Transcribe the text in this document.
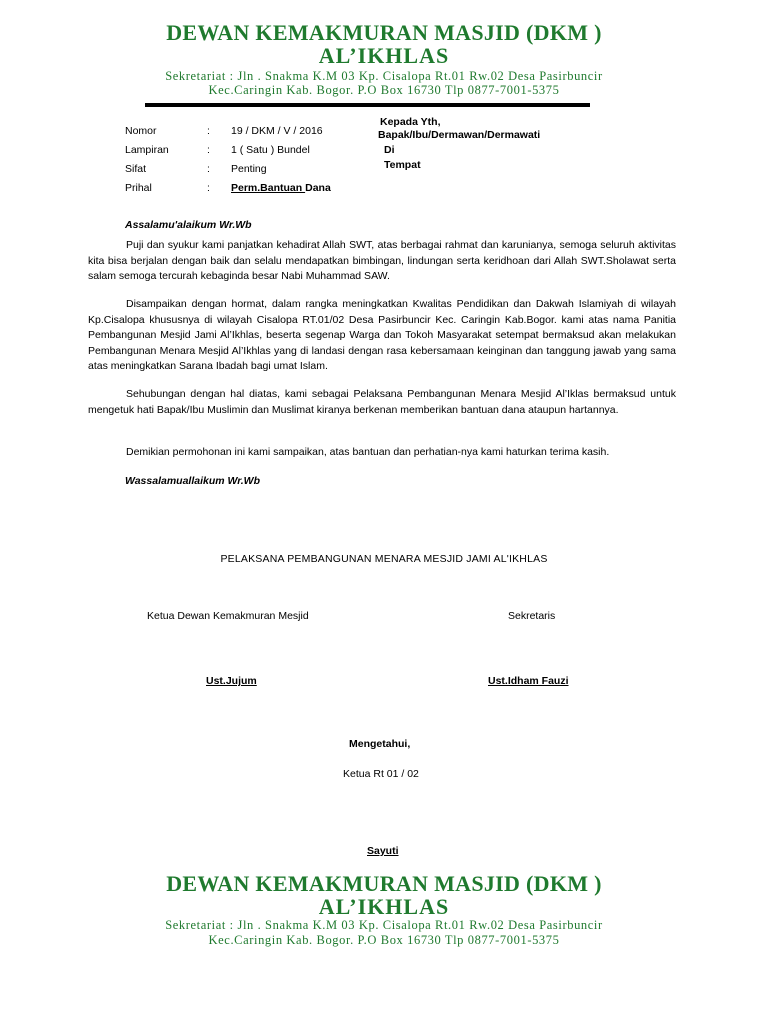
DEWAN KEMAKMURAN MASJID (DKM )
AL’IKHLAS
Sekretariat : Jln . Snakma K.M 03 Kp. Cisalopa Rt.01 Rw.02 Desa Pasirbuncir
Kec.Caringin Kab. Bogor. P.O Box 16730 Tlp 0877-7001-5375
Nomor	: 19 / DKM / V / 2016
Lampiran	: 1 ( Satu ) Bundel
Sifat	: Penting
Prihal	: Perm.Bantuan Dana
Kepada Yth,
Bapak/Ibu/Dermawan/Dermawati
Di
Tempat
Assalamu'alaikum Wr.Wb

Puji dan syukur kami panjatkan kehadirat Allah SWT, atas berbagai rahmat dan karunianya, semoga seluruh aktivitas kita bisa berjalan dengan baik dan selalu mendapatkan bimbingan, lindungan serta keridhoan dari Allah SWT.Sholawat serta salam semoga tercurah kebaginda besar Nabi Muhammad SAW.

Disampaikan dengan hormat, dalam rangka meningkatkan Kwalitas Pendidikan dan Dakwah Islamiyah di wilayah Kp.Cisalopa khususnya di wilayah Cisalopa RT.01/02 Desa Pasirbuncir Kec. Caringin Kab.Bogor. kami atas nama Panitia Pembangunan Mesjid Jami Al’Ikhlas, beserta segenap Warga dan Tokoh Masyarakat setempat bermaksud akan melakukan Pembangunan Menara Mesjid Al’Ikhlas yang di landasi dengan rasa kebersamaan keinginan dan tanggung jawab yang sama atas meningkatkan Sarana Ibadah bagi umat Islam.

Sehubungan dengan hal diatas, kami sebagai Pelaksana Pembangunan Menara Mesjid Al’Iklas bermaksud untuk mengetuk hati Bapak/Ibu Muslimin dan Muslimat kiranya berkenan memberikan bantuan dana ataupun hartannya.

Demikian permohonan ini kami sampaikan, atas bantuan dan perhatian-nya kami haturkan terima kasih.

Wassalamuallaikum Wr.Wb
PELAKSANA PEMBANGUNAN MENARA MESJID JAMI AL'IKHLAS
Ketua Dewan Kemakmuran Mesjid	Sekretaris
Ust.Jujum	Ust.Idham Fauzi
Mengetahui,
Ketua Rt 01 / 02
Sayuti
DEWAN KEMAKMURAN MASJID (DKM )
AL’IKHLAS
Sekretariat : Jln . Snakma K.M 03 Kp. Cisalopa Rt.01 Rw.02 Desa Pasirbuncir
Kec.Caringin Kab. Bogor. P.O Box 16730 Tlp 0877-7001-5375
